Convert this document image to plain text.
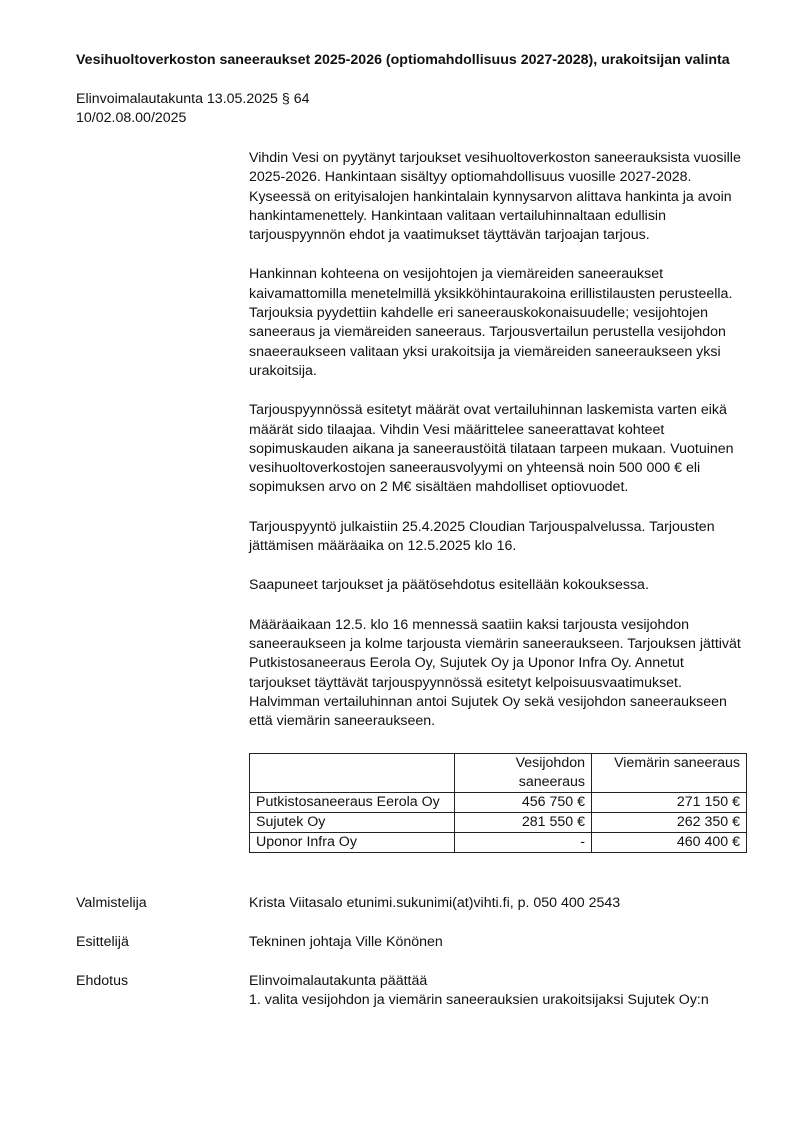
Vesihuoltoverkoston saneeraukset 2025-2026 (optiomahdollisuus 2027-2028), urakoitsijan valinta
Elinvoimalautakunta 13.05.2025 § 64
10/02.08.00/2025

Vihdin Vesi on pyytänyt tarjoukset vesihuoltoverkoston saneerauksista vuosille 2025-2026. Hankintaan sisältyy optiomahdollisuus vuosille 2027-2028. Kyseessä on erityisalojen hankintalain kynnysarvon alittava hankinta ja avoin hankintamenettely. Hankintaan valitaan vertailuhinnaltaan edullisin tarjouspyynnön ehdot ja vaatimukset täyttävän tarjoajan tarjous.

Hankinnan kohteena on vesijohtojen ja viemäreiden saneeraukset kaivamattomilla menetelmillä yksikköhintaurakoina erillistilausten perusteella. Tarjouksia pyydettiin kahdelle eri saneerauskokonaisuudelle; vesijohtojen saneeraus ja viemäreiden saneeraus. Tarjousvertailun perustella vesijohdon snaeeraukseen valitaan yksi urakoitsija ja viemäreiden saneeraukseen yksi urakoitsija.

Tarjouspyynnössä esitetyt määrät ovat vertailuhinnan laskemista varten eikä määrät sido tilaajaa. Vihdin Vesi määrittelee saneerattavat kohteet sopimuskauden aikana ja saneeraustöitä tilataan tarpeen mukaan. Vuotuinen vesihuoltoverkostojen saneerausvolyymi on yhteensä noin 500 000 € eli sopimuksen arvo on 2 M€ sisältäen mahdolliset optiovuodet.

Tarjouspyyntö julkaistiin 25.4.2025 Cloudian Tarjouspalvelussa. Tarjousten jättämisen määräaika on 12.5.2025 klo 16.

Saapuneet tarjoukset ja päätösehdotus esitellään kokouksessa.

Määräaikaan 12.5. klo 16 mennessä saatiin kaksi tarjousta vesijohdon saneeraukseen ja kolme tarjousta viemärin saneeraukseen. Tarjouksen jättivät Putkistosaneeraus Eerola Oy, Sujutek Oy ja Uponor Infra Oy. Annetut tarjoukset täyttävät tarjouspyynnössä esitetyt kelpoisuusvaatimukset. Halvimman vertailuhinnan antoi Sujutek Oy sekä vesijohdon saneeraukseen että viemärin saneeraukseen.

	Vesijohdon saneeraus	Viemärin saneeraus
Putkistosaneeraus Eerola Oy	456 750 €	271 150 €
Sujutek Oy	281 550 €	262 350 €
Uponor Infra Oy	-	460 400 €
Valmistelija	Krista Viitasalo etunimi.sukunimi(at)vihti.fi, p. 050 400 2543
Esittelijä	Tekninen johtaja Ville Könönen
Ehdotus	Elinvoimalautakunta päättää
1. valita vesijohdon ja viemärin saneerauksien urakoitsijaksi Sujutek Oy:n
